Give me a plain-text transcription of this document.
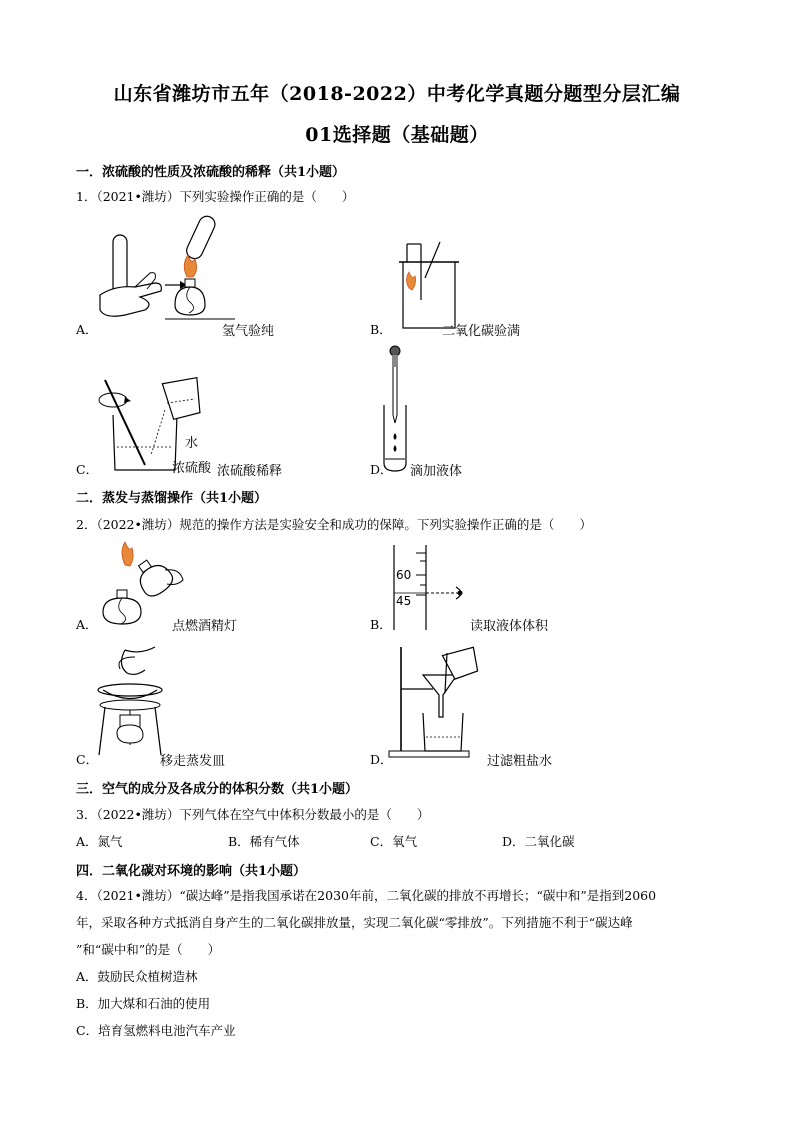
山东省潍坊市五年（2018-2022）中考化学真题分题型分层汇编
01选择题（基础题）
一．浓硫酸的性质及浓硫酸的稀释（共1小题）
1．（2021•潍坊）下列实验操作正确的是（　　）
A．	氢气验纯	B．	二氧化碳验满
水
C．	浓硫酸 浓硫酸稀释	D． 滴加液体
二．蒸发与蒸馏操作（共1小题）
2．（2022•潍坊）规范的操作方法是实验安全和成功的保障。下列实验操作正确的是（　　）
A．	点燃酒精灯
60
45
B．	读取液体体积
C．	移走蒸发皿	D．	过滤粗盐水
三．空气的成分及各成分的体积分数（共1小题）
3．（2022•潍坊）下列气体在空气中体积分数最小的是（　　）
A．氮气	B．稀有气体	C．氧气	D．二氧化碳
四．二氧化碳对环境的影响（共1小题）
4．（2021•潍坊）“碳达峰”是指我国承诺在2030年前，二氧化碳的排放不再增长；“碳中和”是指到2060
年，采取各种方式抵消自身产生的二氧化碳排放量，实现二氧化碳“零排放”。下列措施不利于“碳达峰
”和“碳中和”的是（　　）
A．鼓励民众植树造林
B．加大煤和石油的使用
C．培育氢燃料电池汽车产业
